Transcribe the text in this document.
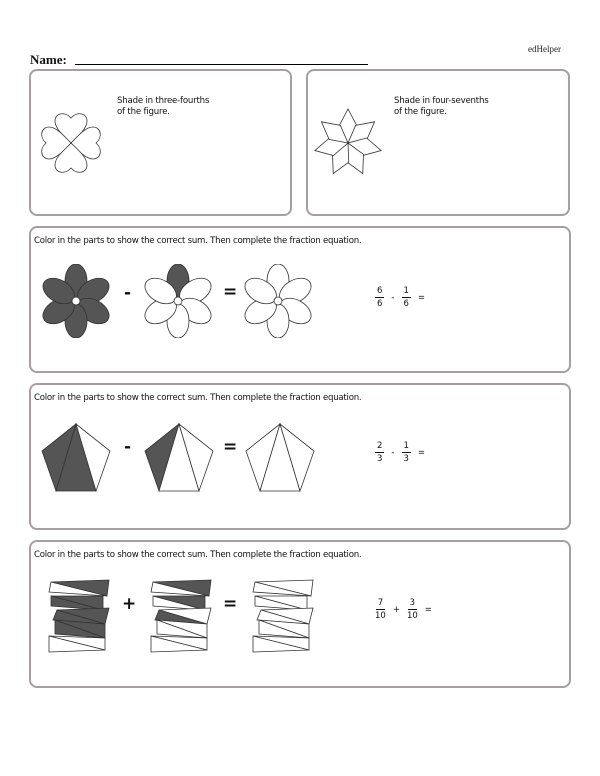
edHelper
Name:
Shade in three-fourths
of the figure.
Shade in four-sevenths
of the figure.
Color in the parts to show the correct sum. Then complete the fraction equation.
-	=	$\frac{6}{6} - \frac{1}{6}$ =
Color in the parts to show the correct sum. Then complete the fraction equation.
-	=	$\frac{2}{3} - \frac{1}{3}$ =
Color in the parts to show the correct sum. Then complete the fraction equation.
+	=	$\frac{7}{10} + \frac{3}{10}$ =
